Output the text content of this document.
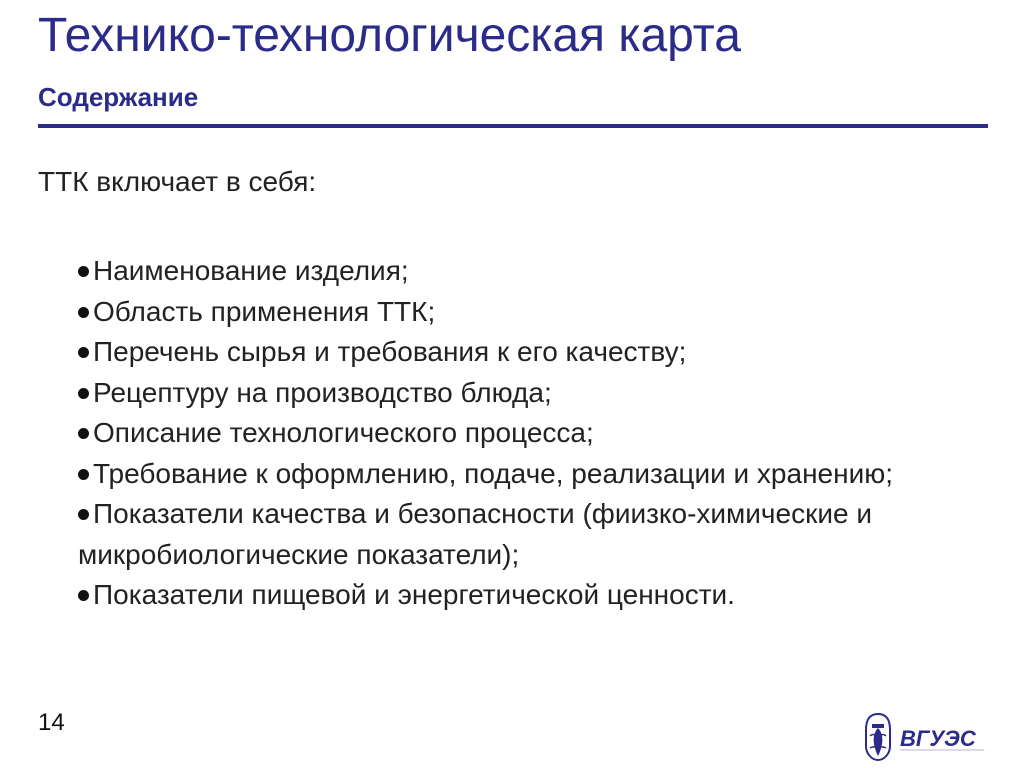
Технико-технологическая карта
Содержание
ТТК включает в себя:
Наименование изделия;
Область применения ТТК;
Перечень сырья и требования к его качеству;
Рецептуру на производство блюда;
Описание технологического процесса;
Требование к оформлению, подаче, реализации и хранению;
Показатели качества и безопасности (фиизко-химические и микробиологические показатели);
Показатели пищевой и энергетической ценности.
14
ВГУЭС
